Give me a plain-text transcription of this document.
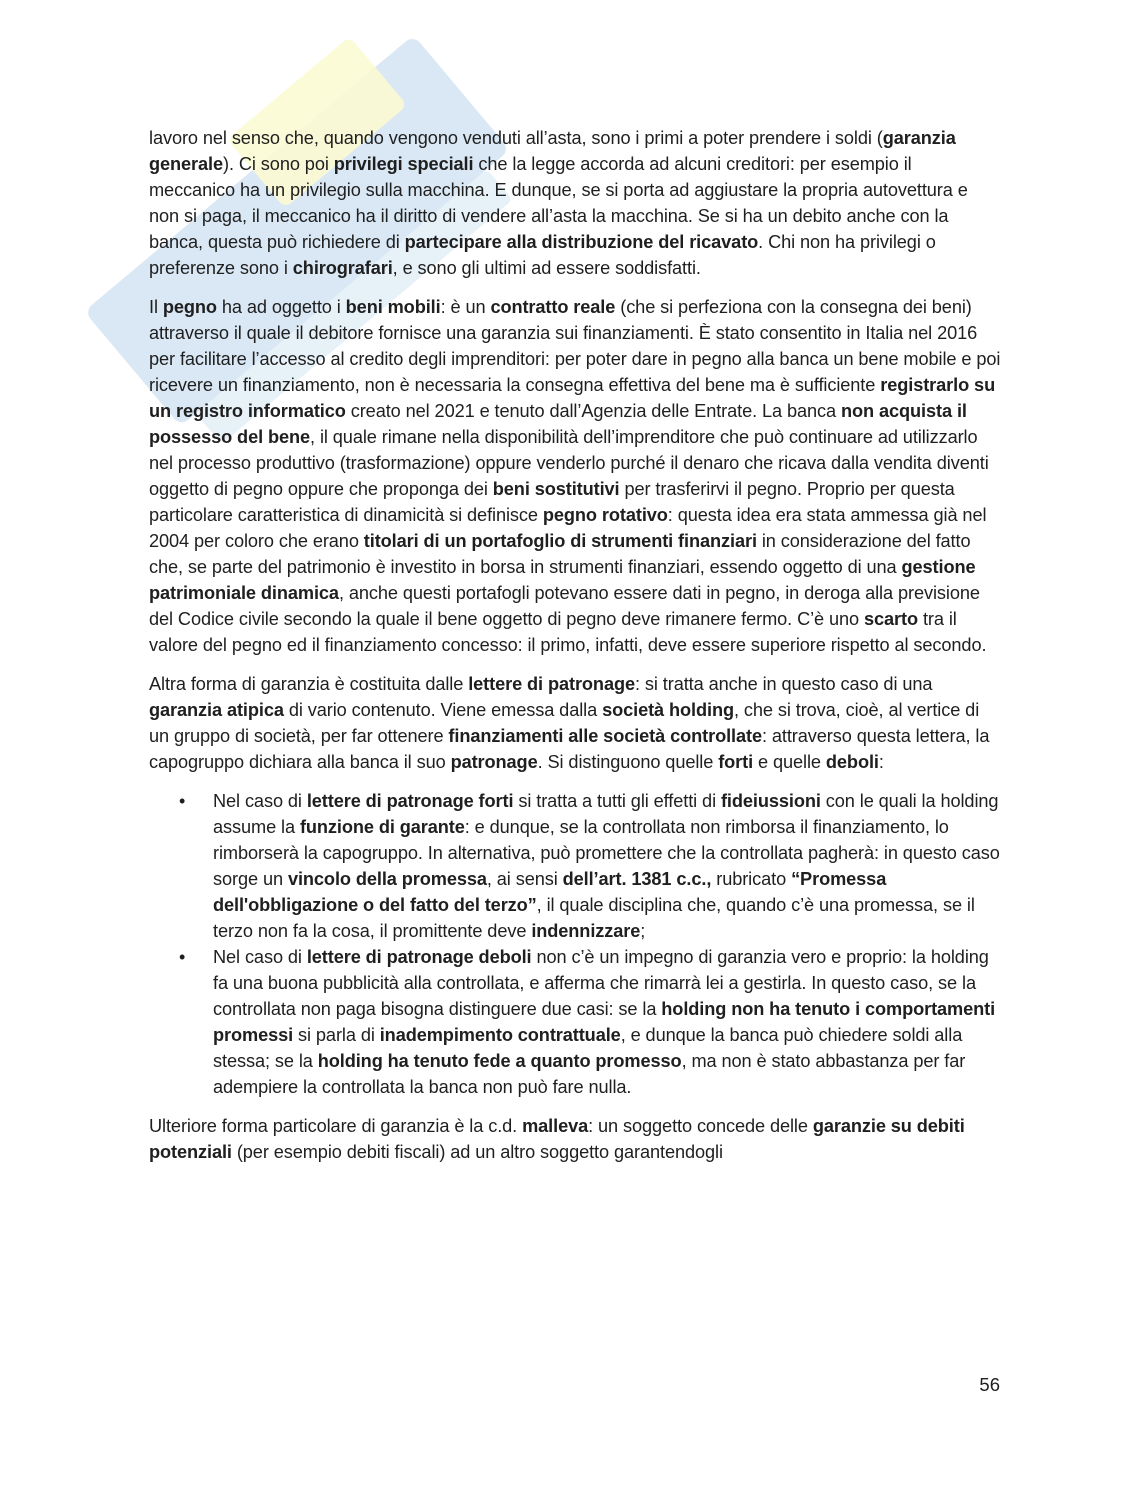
lavoro nel senso che, quando vengono venduti all’asta, sono i primi a poter prendere i soldi (garanzia generale). Ci sono poi privilegi speciali che la legge accorda ad alcuni creditori: per esempio il meccanico ha un privilegio sulla macchina. E dunque, se si porta ad aggiustare la propria autovettura e non si paga, il meccanico ha il diritto di vendere all’asta la macchina. Se si ha un debito anche con la banca, questa può richiedere di partecipare alla distribuzione del ricavato. Chi non ha privilegi o preferenze sono i chirografari, e sono gli ultimi ad essere soddisfatti.

Il pegno ha ad oggetto i beni mobili: è un contratto reale (che si perfeziona con la consegna dei beni) attraverso il quale il debitore fornisce una garanzia sui finanziamenti. È stato consentito in Italia nel 2016 per facilitare l’accesso al credito degli imprenditori: per poter dare in pegno alla banca un bene mobile e poi ricevere un finanziamento, non è necessaria la consegna effettiva del bene ma è sufficiente registrarlo su un registro informatico creato nel 2021 e tenuto dall’Agenzia delle Entrate. La banca non acquista il possesso del bene, il quale rimane nella disponibilità dell’imprenditore che può continuare ad utilizzarlo nel processo produttivo (trasformazione) oppure venderlo purché il denaro che ricava dalla vendita diventi oggetto di pegno oppure che proponga dei beni sostitutivi per trasferirvi il pegno. Proprio per questa particolare caratteristica di dinamicità si definisce pegno rotativo: questa idea era stata ammessa già nel 2004 per coloro che erano titolari di un portafoglio di strumenti finanziari in considerazione del fatto che, se parte del patrimonio è investito in borsa in strumenti finanziari, essendo oggetto di una gestione patrimoniale dinamica, anche questi portafogli potevano essere dati in pegno, in deroga alla previsione del Codice civile secondo la quale il bene oggetto di pegno deve rimanere fermo. C’è uno scarto tra il valore del pegno ed il finanziamento concesso: il primo, infatti, deve essere superiore rispetto al secondo.

Altra forma di garanzia è costituita dalle lettere di patronage: si tratta anche in questo caso di una garanzia atipica di vario contenuto. Viene emessa dalla società holding, che si trova, cioè, al vertice di un gruppo di società, per far ottenere finanziamenti alle società controllate: attraverso questa lettera, la capogruppo dichiara alla banca il suo patronage. Si distinguono quelle forti e quelle deboli:

• Nel caso di lettere di patronage forti si tratta a tutti gli effetti di fideiussioni con le quali la holding assume la funzione di garante: e dunque, se la controllata non rimborsa il finanziamento, lo rimborserà la capogruppo. In alternativa, può promettere che la controllata pagherà: in questo caso sorge un vincolo della promessa, ai sensi dell’art. 1381 c.c., rubricato “Promessa dell'obbligazione o del fatto del terzo”, il quale disciplina che, quando c’è una promessa, se il terzo non fa la cosa, il promittente deve indennizzare;
• Nel caso di lettere di patronage deboli non c’è un impegno di garanzia vero e proprio: la holding fa una buona pubblicità alla controllata, e afferma che rimarrà lei a gestirla. In questo caso, se la controllata non paga bisogna distinguere due casi: se la holding non ha tenuto i comportamenti promessi si parla di inadempimento contrattuale, e dunque la banca può chiedere soldi alla stessa; se la holding ha tenuto fede a quanto promesso, ma non è stato abbastanza per far adempiere la controllata la banca non può fare nulla.

Ulteriore forma particolare di garanzia è la c.d. malleva: un soggetto concede delle garanzie su debiti potenziali (per esempio debiti fiscali) ad un altro soggetto garantendogli

56
